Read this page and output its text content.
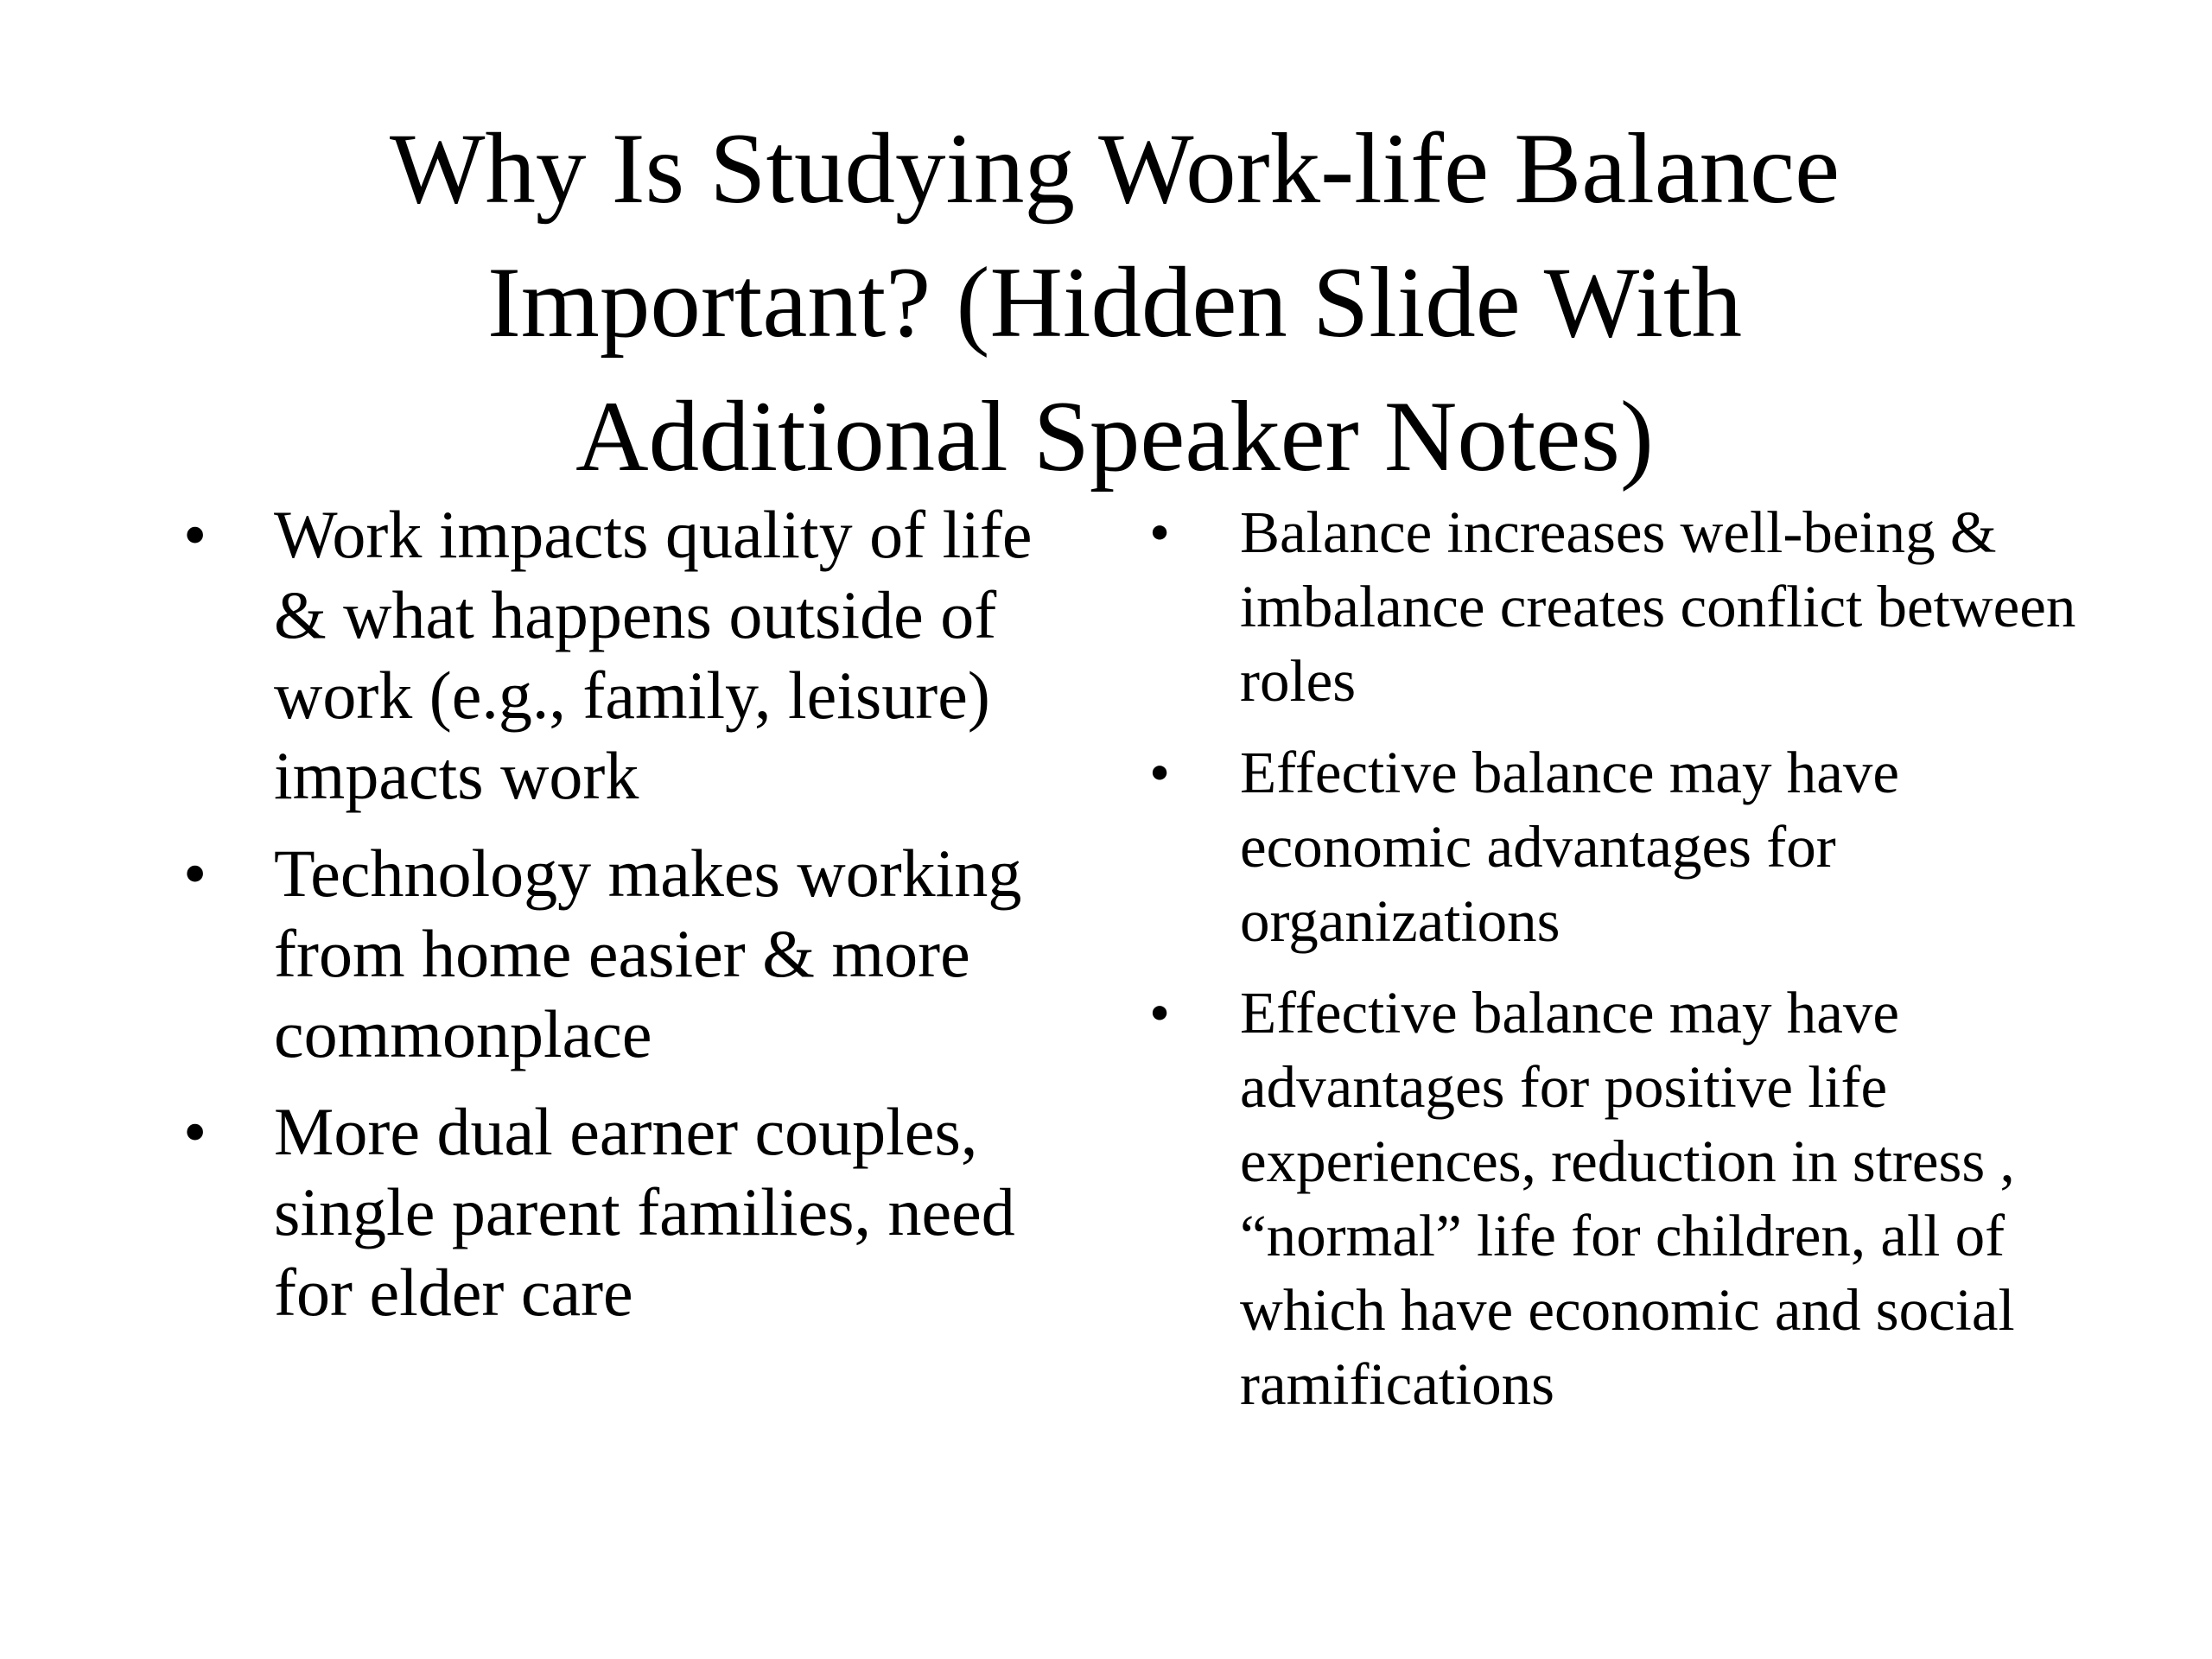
Why Is Studying Work-life Balance
Important? (Hidden Slide With
Additional Speaker Notes)
• Work impacts quality of life & what happens outside of work (e.g., family, leisure) impacts work
• Technology makes working from home easier & more commonplace
• More dual earner couples, single parent families, need for elder care
•	Balance increases well-being & imbalance creates conflict between roles
•	Effective balance may have economic advantages for organizations
•	Effective balance may have advantages for positive life experiences, reduction in stress , “normal” life for children, all of which have economic and social ramifications
